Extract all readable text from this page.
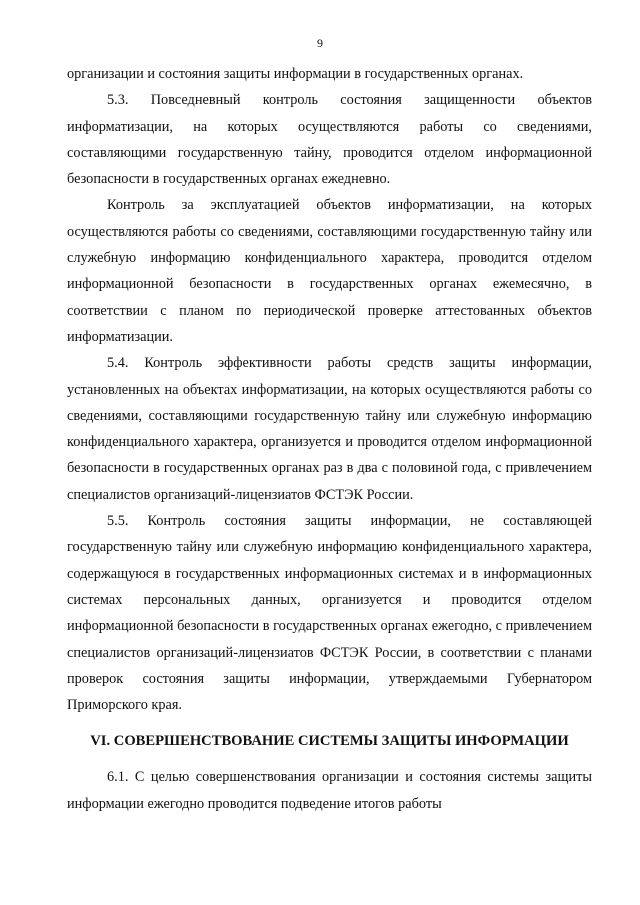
9

организации и состояния защиты информации в государственных органах.

5.3. Повседневный контроль состояния защищенности объектов информатизации, на которых осуществляются работы со сведениями, составляющими государственную тайну, проводится отделом информационной безопасности в государственных органах ежедневно.

Контроль за эксплуатацией объектов информатизации, на которых осуществляются работы со сведениями, составляющими государственную тайну или служебную информацию конфиденциального характера, проводится отделом информационной безопасности в государственных органах ежемесячно, в соответствии с планом по периодической проверке аттестованных объектов информатизации.

5.4. Контроль эффективности работы средств защиты информации, установленных на объектах информатизации, на которых осуществляются работы со сведениями, составляющими государственную тайну или служебную информацию конфиденциального характера, организуется и проводится отделом информационной безопасности в государственных органах раз в два с половиной года, с привлечением специалистов организаций-лицензиатов ФСТЭК России.

5.5. Контроль состояния защиты информации, не составляющей государственную тайну или служебную информацию конфиденциального характера, содержащуюся в государственных информационных системах и в информационных системах персональных данных, организуется и проводится отделом информационной безопасности в государственных органах ежегодно, с привлечением специалистов организаций-лицензиатов ФСТЭК России, в соответствии с планами проверок состояния защиты информации, утверждаемыми Губернатором Приморского края.

VI. СОВЕРШЕНСТВОВАНИЕ СИСТЕМЫ ЗАЩИТЫ ИНФОРМАЦИИ

6.1. С целью совершенствования организации и состояния системы защиты информации ежегодно проводится подведение итогов работы
